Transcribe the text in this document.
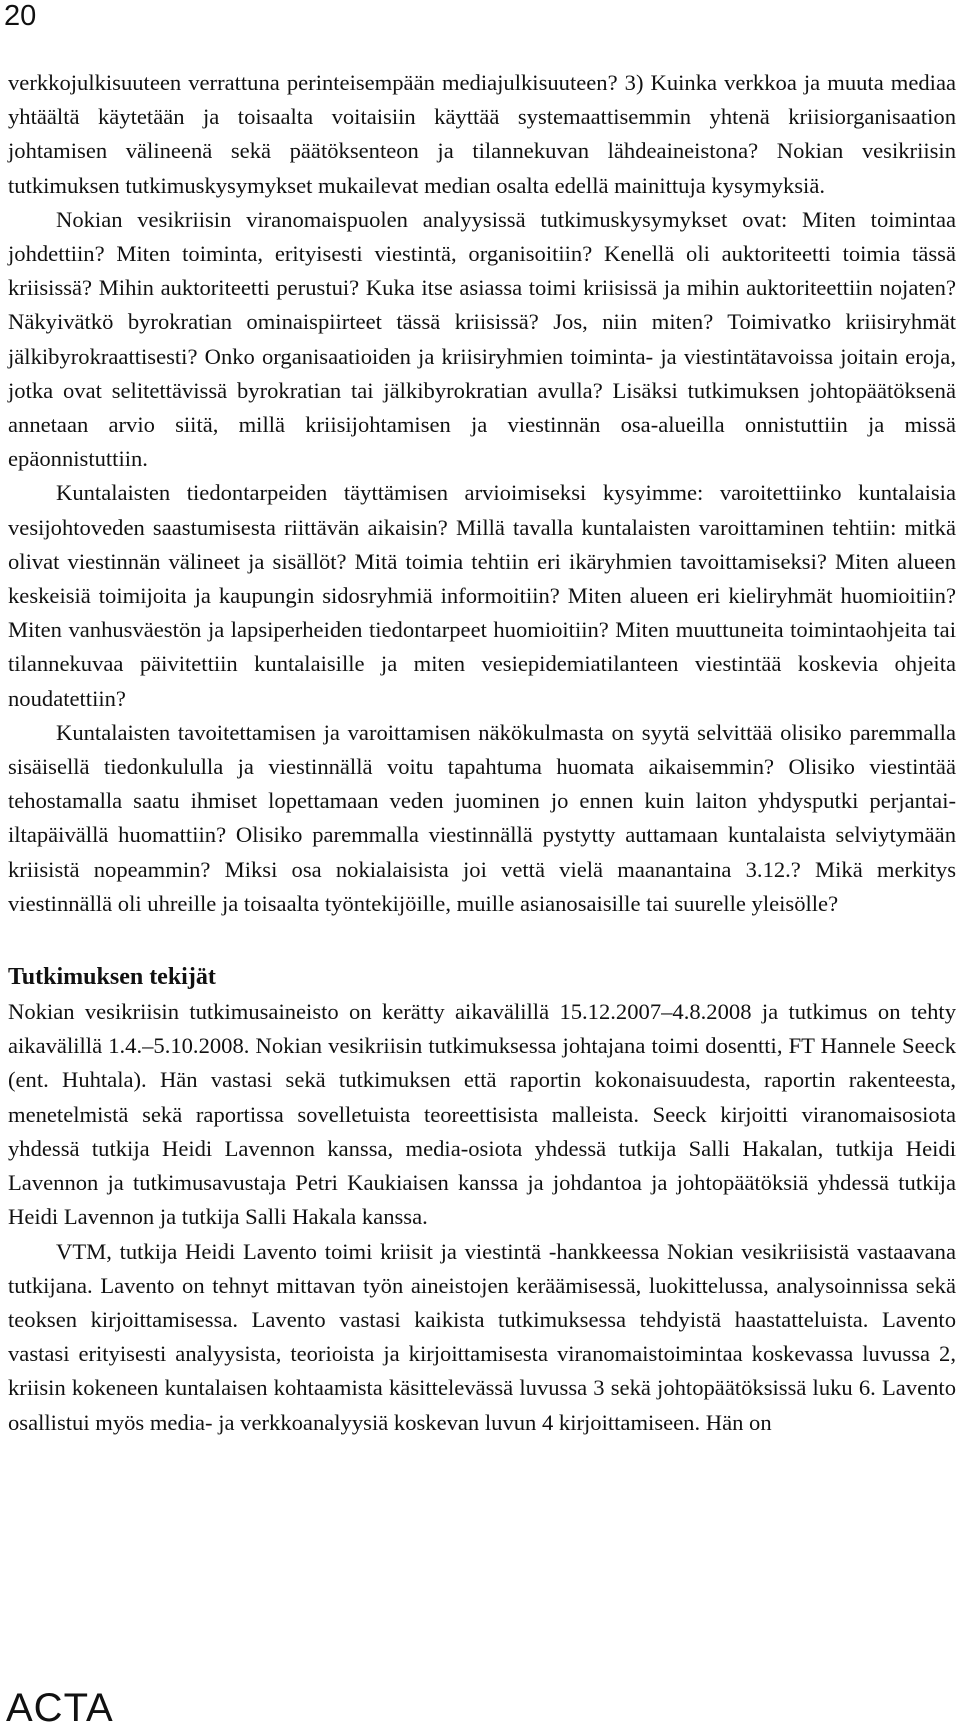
20

verkkojulkisuuteen verrattuna perinteisempään mediajulkisuuteen? 3) Kuinka verkkoa ja muuta mediaa yhtäältä käytetään ja toisaalta voitaisiin käyttää systemaattisemmin yhtenä kriisiorganisaation johtamisen välineenä sekä päätöksenteon ja tilannekuvan lähdeaineistona? Nokian vesikriisin tutkimuksen tutkimuskysymykset mukailevat median osalta edellä mainittuja kysymyksiä.

Nokian vesikriisin viranomaispuolen analyysissä tutkimuskysymykset ovat: Miten toimintaa johdettiin? Miten toiminta, erityisesti viestintä, organisoitiin? Kenellä oli auktoriteetti toimia tässä kriisissä? Mihin auktoriteetti perustui? Kuka itse asiassa toimi kriisissä ja mihin auktoriteettiin nojaten? Näkyivätkö byrokratian ominaispiirteet tässä kriisissä? Jos, niin miten? Toimivatko kriisiryhmät jälkibyrokraattisesti? Onko organisaatioiden ja kriisiryhmien toiminta- ja viestintätavoissa joitain eroja, jotka ovat selitettävissä byrokratian tai jälkibyrokratian avulla? Lisäksi tutkimuksen johtopäätöksenä annetaan arvio siitä, millä kriisijohtamisen ja viestinnän osa-alueilla onnistuttiin ja missä epäonnistuttiin.

Kuntalaisten tiedontarpeiden täyttämisen arvioimiseksi kysyimme: varoitettiinko kuntalaisia vesijohtoveden saastumisesta riittävän aikaisin? Millä tavalla kuntalaisten varoittaminen tehtiin: mitkä olivat viestinnän välineet ja sisällöt? Mitä toimia tehtiin eri ikäryhmien tavoittamiseksi? Miten alueen keskeisiä toimijoita ja kaupungin sidosryhmiä informoitiin? Miten alueen eri kieliryhmät huomioitiin? Miten vanhusväestön ja lapsiperheiden tiedontarpeet huomioitiin? Miten muuttuneita toimintaohjeita tai tilannekuvaa päivitettiin kuntalaisille ja miten vesiepidemiatilanteen viestintää koskevia ohjeita noudatettiin?

Kuntalaisten tavoitettamisen ja varoittamisen näkökulmasta on syytä selvittää olisiko paremmalla sisäisellä tiedonkululla ja viestinnällä voitu tapahtuma huomata aikaisemmin? Olisiko viestintää tehostamalla saatu ihmiset lopettamaan veden juominen jo ennen kuin laiton yhdysputki perjantai-iltapäivällä huomattiin? Olisiko paremmalla viestinnällä pystytty auttamaan kuntalaista selviytymään kriisistä nopeammin? Miksi osa nokialaisista joi vettä vielä maanantaina 3.12.? Mikä merkitys viestinnällä oli uhreille ja toisaalta työntekijöille, muille asianosaisille tai suurelle yleisölle?

Tutkimuksen tekijät

Nokian vesikriisin tutkimusaineisto on kerätty aikavälillä 15.12.2007–4.8.2008 ja tutkimus on tehty aikavälillä 1.4.–5.10.2008. Nokian vesikriisin tutkimuksessa johtajana toimi dosentti, FT Hannele Seeck (ent. Huhtala). Hän vastasi sekä tutkimuksen että raportin kokonaisuudesta, raportin rakenteesta, menetelmistä sekä raportissa sovelletuista teoreettisista malleista. Seeck kirjoitti viranomaisosiota yhdessä tutkija Heidi Lavennon kanssa, media-osiota yhdessä tutkija Salli Hakalan, tutkija Heidi Lavennon ja tutkimusavustaja Petri Kaukiaisen kanssa ja johdantoa ja johtopäätöksiä yhdessä tutkija Heidi Lavennon ja tutkija Salli Hakala kanssa.

VTM, tutkija Heidi Lavento toimi kriisit ja viestintä -hankkeessa Nokian vesikriisistä vastaavana tutkijana. Lavento on tehnyt mittavan työn aineistojen keräämisessä, luokittelussa, analysoinnissa sekä teoksen kirjoittamisessa. Lavento vastasi kaikista tutkimuksessa tehdyistä haastatteluista. Lavento vastasi erityisesti analyysista, teorioista ja kirjoittamisesta viranomaistoimintaa koskevassa luvussa 2, kriisin kokeneen kuntalaisen kohtaamista käsittelevässä luvussa 3 sekä johtopäätöksissä luku 6. Lavento osallistui myös media- ja verkkoanalyysiä koskevan luvun 4 kirjoittamiseen. Hän on

ACTA
